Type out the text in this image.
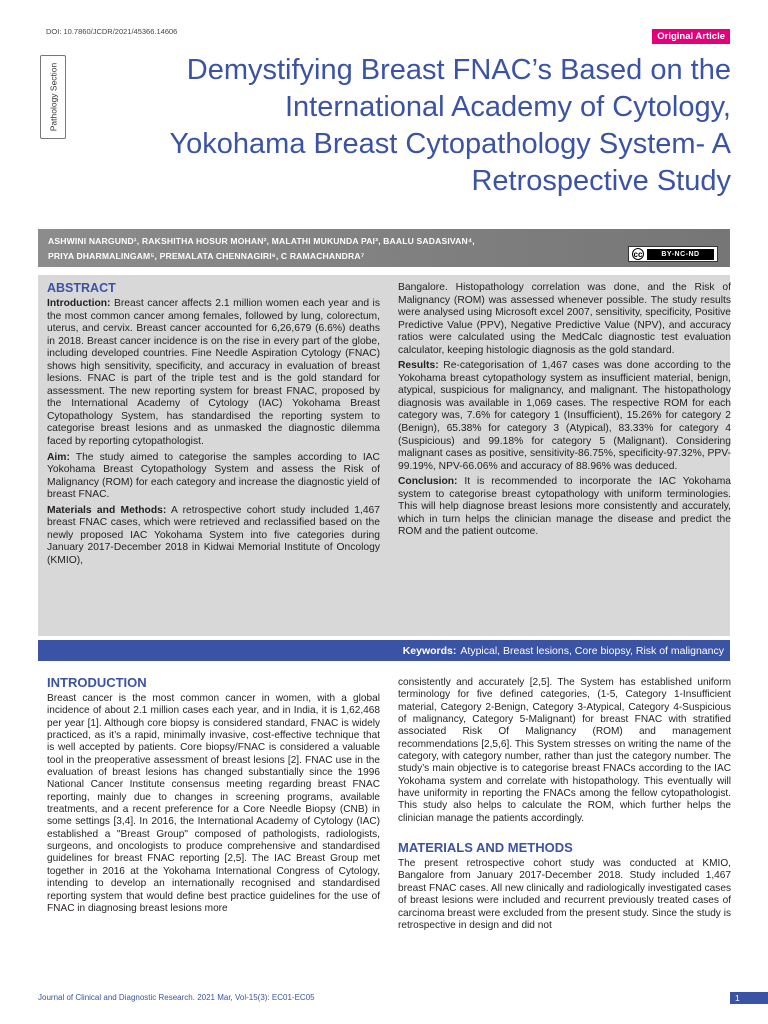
DOI: 10.7860/JCDR/2021/45366.14606	Original Article
Pathology Section	Demystifying Breast FNAC’s Based on the International Academy of Cytology, Yokohama Breast Cytopathology System- A Retrospective Study
ASHWINI NARGUND¹, RAKSHITHA HOSUR MOHAN², MALATHI MUKUNDA PAI³, BAALU SADASIVAN⁴,
PRIYA DHARMALINGAM⁵, PREMALATA CHENNAGIRI⁶, C RAMACHANDRA⁷	cc	BY-NC-ND
ABSTRACT

Introduction: Breast cancer affects 2.1 million women each year and is the most common cancer among females, followed by lung, colorectum, uterus, and cervix. Breast cancer accounted for 6,26,679 (6.6%) deaths in 2018. Breast cancer incidence is on the rise in every part of the globe, including developed countries. Fine Needle Aspiration Cytology (FNAC) shows high sensitivity, specificity, and accuracy in evaluation of breast lesions. FNAC is part of the triple test and is the gold standard for assessment. The new reporting system for breast FNAC, proposed by the International Academy of Cytology (IAC) Yokohama Breast Cytopathology System, has standardised the reporting system to categorise breast lesions and as unmasked the diagnostic dilemma faced by reporting cytopathologist.

Aim: The study aimed to categorise the samples according to IAC Yokohama Breast Cytopathology System and assess the Risk of Malignancy (ROM) for each category and increase the diagnostic yield of breast FNAC.

Materials and Methods: A retrospective cohort study included 1,467 breast FNAC cases, which were retrieved and reclassified based on the newly proposed IAC Yokohama System into five categories during January 2017-December 2018 in Kidwai Memorial Institute of Oncology (KMIO),

Bangalore. Histopathology correlation was done, and the Risk of Malignancy (ROM) was assessed whenever possible. The study results were analysed using Microsoft excel 2007, sensitivity, specificity, Positive Predictive Value (PPV), Negative Predictive Value (NPV), and accuracy ratios were calculated using the MedCalc diagnostic test evaluation calculator, keeping histologic diagnosis as the gold standard.

Results: Re-categorisation of 1,467 cases was done according to the Yokohama breast cytopathology system as insufficient material, benign, atypical, suspicious for malignancy, and malignant. The histopathology diagnosis was available in 1,069 cases. The respective ROM for each category was, 7.6% for category 1 (Insufficient), 15.26% for category 2 (Benign), 65.38% for category 3 (Atypical), 83.33% for category 4 (Suspicious) and 99.18% for category 5 (Malignant). Considering malignant cases as positive, sensitivity-86.75%, specificity-97.32%, PPV-99.19%, NPV-66.06% and accuracy of 88.96% was deduced.

Conclusion: It is recommended to incorporate the IAC Yokohama system to categorise breast cytopathology with uniform terminologies. This will help diagnose breast lesions more consistently and accurately, which in turn helps the clinician manage the disease and predict the ROM and the patient outcome.

Keywords: Atypical, Breast lesions, Core biopsy, Risk of malignancy
INTRODUCTION

Breast cancer is the most common cancer in women, with a global incidence of about 2.1 million cases each year, and in India, it is 1,62,468 per year [1]. Although core biopsy is considered standard, FNAC is widely practiced, as it’s a rapid, minimally invasive, cost-effective technique that is well accepted by patients. Core biopsy/FNAC is considered a valuable tool in the preoperative assessment of breast lesions [2]. FNAC use in the evaluation of breast lesions has changed substantially since the 1996 National Cancer Institute consensus meeting regarding breast FNAC reporting, mainly due to changes in screening programs, available treatments, and a recent preference for a Core Needle Biopsy (CNB) in some settings [3,4]. In 2016, the International Academy of Cytology (IAC) established a "Breast Group" composed of pathologists, radiologists, surgeons, and oncologists to produce comprehensive and standardised guidelines for breast FNAC reporting [2,5]. The IAC Breast Group met together in 2016 at the Yokohama International Congress of Cytology, intending to develop an internationally recognised and standardised reporting system that would define best practice guidelines for the use of FNAC in diagnosing breast lesions more

consistently and accurately [2,5]. The System has established uniform terminology for five defined categories, (1-5, Category 1-Insufficient material, Category 2-Benign, Category 3-Atypical, Category 4-Suspicious of malignancy, Category 5-Malignant) for breast FNAC with stratified associated Risk Of Malignancy (ROM) and management recommendations [2,5,6]. This System stresses on writing the name of the category, with category number, rather than just the category number. The study’s main objective is to categorise breast FNACs according to the IAC Yokohama system and correlate with histopathology. This eventually will have uniformity in reporting the FNACs among the fellow cytopathologist. This study also helps to calculate the ROM, which further helps the clinician manage the patients accordingly.

MATERIALS AND METHODS

The present retrospective cohort study was conducted at KMIO, Bangalore from January 2017-December 2018. Study included 1,467 breast FNAC cases. All new clinically and radiologically investigated cases of breast lesions were included and recurrent previously treated cases of carcinoma breast were excluded from the present study. Since the study is retrospective in design and did not

Journal of Clinical and Diagnostic Research. 2021 Mar, Vol-15(3): EC01-EC05	1
